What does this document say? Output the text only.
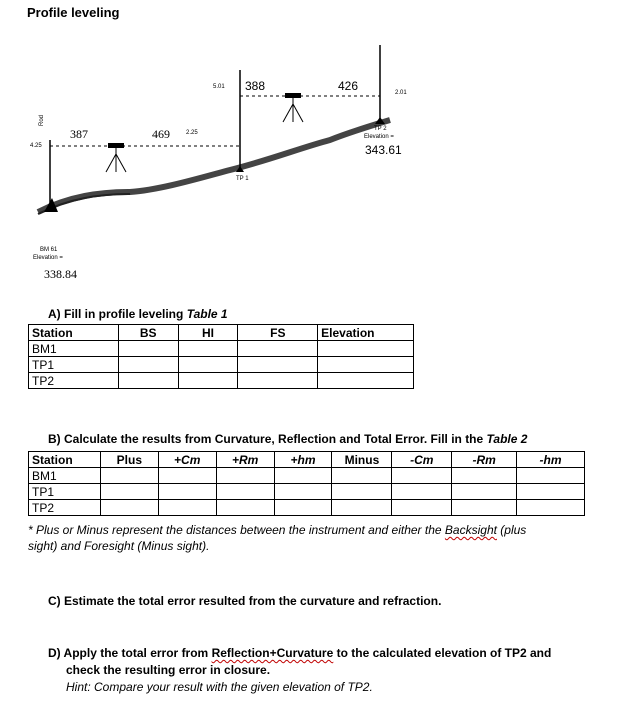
Profile leveling
Rod
4.25
387	469	2.25
5.01 388	426	2.01
TP 1
TP 2
Elevation =
343.61
BM 61
Elevation =
338.84
A) Fill in profile leveling Table 1
Station	BS	HI	FS	Elevation
BM1				
TP1				
TP2				
B) Calculate the results from Curvature, Reflection and Total Error. Fill in the Table 2
Station	Plus	+Cm	+Rm	+hm	Minus	-Cm	-Rm	-hm
BM1								
TP1								
TP2								
* Plus or Minus represent the distances between the instrument and either the Backsight (plus
sight) and Foresight (Minus sight).
C) Estimate the total error resulted from the curvature and refraction.
D) Apply the total error from Reflection+Curvature to the calculated elevation of TP2 and
check the resulting error in closure.
Hint: Compare your result with the given elevation of TP2.
